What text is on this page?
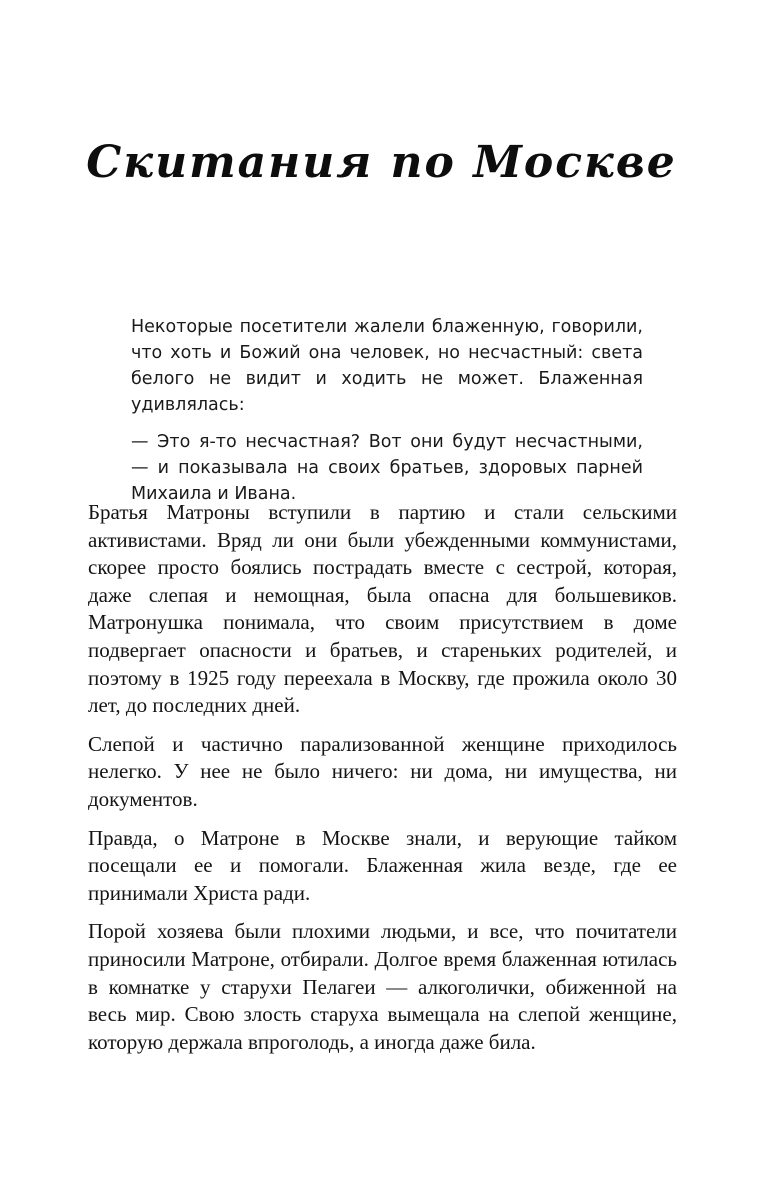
Скитания по Москве

Некоторые посетители жалели блаженную, говорили, что хоть и Божий она человек, но несчастный: света белого не видит и ходить не может. Блаженная удивлялась:

— Это я-то несчастная? Вот они будут несчастными, — и показывала на своих братьев, здоровых парней Михаила и Ивана.

Братья Матроны вступили в партию и стали сельскими активистами. Вряд ли они были убежденными коммунистами, скорее просто боялись пострадать вместе с сестрой, которая, даже слепая и немощная, была опасна для большевиков. Матронушка понимала, что своим присутствием в доме подвергает опасности и братьев, и стареньких родителей, и поэтому в 1925 году переехала в Москву, где прожила около 30 лет, до последних дней.

Слепой и частично парализованной женщине приходилось нелегко. У нее не было ничего: ни дома, ни имущества, ни документов.

Правда, о Матроне в Москве знали, и верующие тайком посещали ее и помогали. Блаженная жила везде, где ее принимали Христа ради.

Порой хозяева были плохими людьми, и все, что почитатели приносили Матроне, отбирали. Долгое время блаженная ютилась в комнатке у старухи Пелагеи — алкоголички, обиженной на весь мир. Свою злость старуха вымещала на слепой женщине, которую держала впроголодь, а иногда даже била.
